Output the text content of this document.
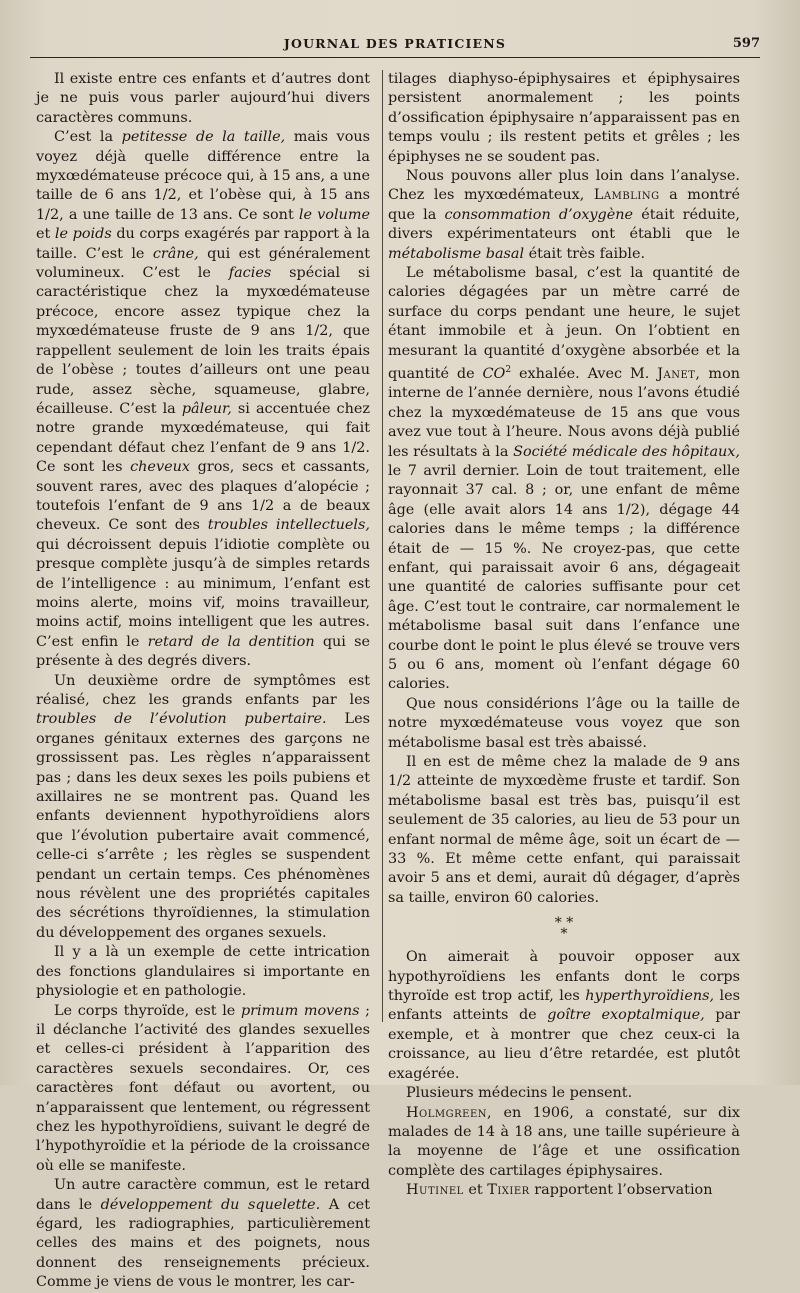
JOURNAL DES PRATICIENS	597

Il existe entre ces enfants et d’autres dont je ne puis vous parler aujourd’hui divers caractères communs.

C’est la petitesse de la taille, mais vous voyez déjà quelle différence entre la myxœdémateuse précoce qui, à 15 ans, a une taille de 6 ans 1/2, et l’obèse qui, à 15 ans 1/2, a une taille de 13 ans. Ce sont le volume et le poids du corps exagérés par rapport à la taille. C’est le crâne, qui est généralement volumineux. C’est le facies spécial si caractéristique chez la myxœdémateuse précoce, encore assez typique chez la myxœdémateuse fruste de 9 ans 1/2, que rappellent seulement de loin les traits épais de l’obèse ; toutes d’ailleurs ont une peau rude, assez sèche, squameuse, glabre, écailleuse. C’est la pâleur, si accentuée chez notre grande myxœdémateuse, qui fait cependant défaut chez l’enfant de 9 ans 1/2. Ce sont les cheveux gros, secs et cassants, souvent rares, avec des plaques d’alopécie ; toutefois l’enfant de 9 ans 1/2 a de beaux cheveux. Ce sont des troubles intellectuels, qui décroissent depuis l’idiotie complète ou presque complète jusqu’à de simples retards de l’intelligence : au minimum, l’enfant est moins alerte, moins vif, moins travailleur, moins actif, moins intelligent que les autres. C’est enfin le retard de la dentition qui se présente à des degrés divers.

Un deuxième ordre de symptômes est réalisé, chez les grands enfants par les troubles de l’évolution pubertaire. Les organes génitaux externes des garçons ne grossissent pas. Les règles n’apparaissent pas ; dans les deux sexes les poils pubiens et axillaires ne se montrent pas. Quand les enfants deviennent hypothyroïdiens alors que l’évolution pubertaire avait commencé, celle-ci s’arrête ; les règles se suspendent pendant un certain temps. Ces phénomènes nous révèlent une des propriétés capitales des sécrétions thyroïdiennes, la stimulation du développement des organes sexuels.

Il y a là un exemple de cette intrication des fonctions glandulaires si importante en physiologie et en pathologie.

Le corps thyroïde, est le primum movens ; il déclanche l’activité des glandes sexuelles et celles-ci président à l’apparition des caractères sexuels secondaires. Or, ces caractères font défaut ou avortent, ou n’apparaissent que lentement, ou régressent chez les hypothyroïdiens, suivant le degré de l’hypothyroïdie et la période de la croissance où elle se manifeste.

Un autre caractère commun, est le retard dans le développement du squelette. A cet égard, les radiographies, particulièrement celles des mains et des poignets, nous donnent des renseignements précieux. Comme je viens de vous le montrer, les car-

tilages diaphyso-épiphysaires et épiphysaires persistent anormalement ; les points d’ossification épiphysaire n’apparaissent pas en temps voulu ; ils restent petits et grêles ; les épiphyses ne se soudent pas.

Nous pouvons aller plus loin dans l’analyse. Chez les myxœdémateux, Lambling a montré que la consommation d’oxygène était réduite, divers expérimentateurs ont établi que le métabolisme basal était très faible.

Le métabolisme basal, c’est la quantité de calories dégagées par un mètre carré de surface du corps pendant une heure, le sujet étant immobile et à jeun. On l’obtient en mesurant la quantité d’oxygène absorbée et la quantité de $CO^2$ exhalée. Avec M. Janet, mon interne de l’année dernière, nous l’avons étudié chez la myxœdémateuse de 15 ans que vous avez vue tout à l’heure. Nous avons déjà publié les résultats à la Société médicale des hôpitaux, le 7 avril dernier. Loin de tout traitement, elle rayonnait 37 cal. 8 ; or, une enfant de même âge (elle avait alors 14 ans 1/2), dégage 44 calories dans le même temps ; la différence était de — 15 %. Ne croyez-pas, que cette enfant, qui paraissait avoir 6 ans, dégageait une quantité de calories suffisante pour cet âge. C’est tout le contraire, car normalement le métabolisme basal suit dans l’enfance une courbe dont le point le plus élevé se trouve vers 5 ou 6 ans, moment où l’enfant dégage 60 calories.

Que nous considérions l’âge ou la taille de notre myxœdémateuse vous voyez que son métabolisme basal est très abaissé.

Il en est de même chez la malade de 9 ans 1/2 atteinte de myxœdème fruste et tardif. Son métabolisme basal est très bas, puisqu’il est seulement de 35 calories, au lieu de 53 pour un enfant normal de même âge, soit un écart de — 33 %. Et même cette enfant, qui paraissait avoir 5 ans et demi, aurait dû dégager, d’après sa taille, environ 60 calories.

* *
*

On aimerait à pouvoir opposer aux hypothyroïdiens les enfants dont le corps thyroïde est trop actif, les hyperthyroïdiens, les enfants atteints de goître exoptalmique, par exemple, et à montrer que chez ceux-ci la croissance, au lieu d’être retardée, est plutôt exagérée.

Plusieurs médecins le pensent.

Holmgreen, en 1906, a constaté, sur dix malades de 14 à 18 ans, une taille supérieure à la moyenne de l’âge et une ossification complète des cartilages épiphysaires.

Hutinel et Tixier rapportent l’observation
